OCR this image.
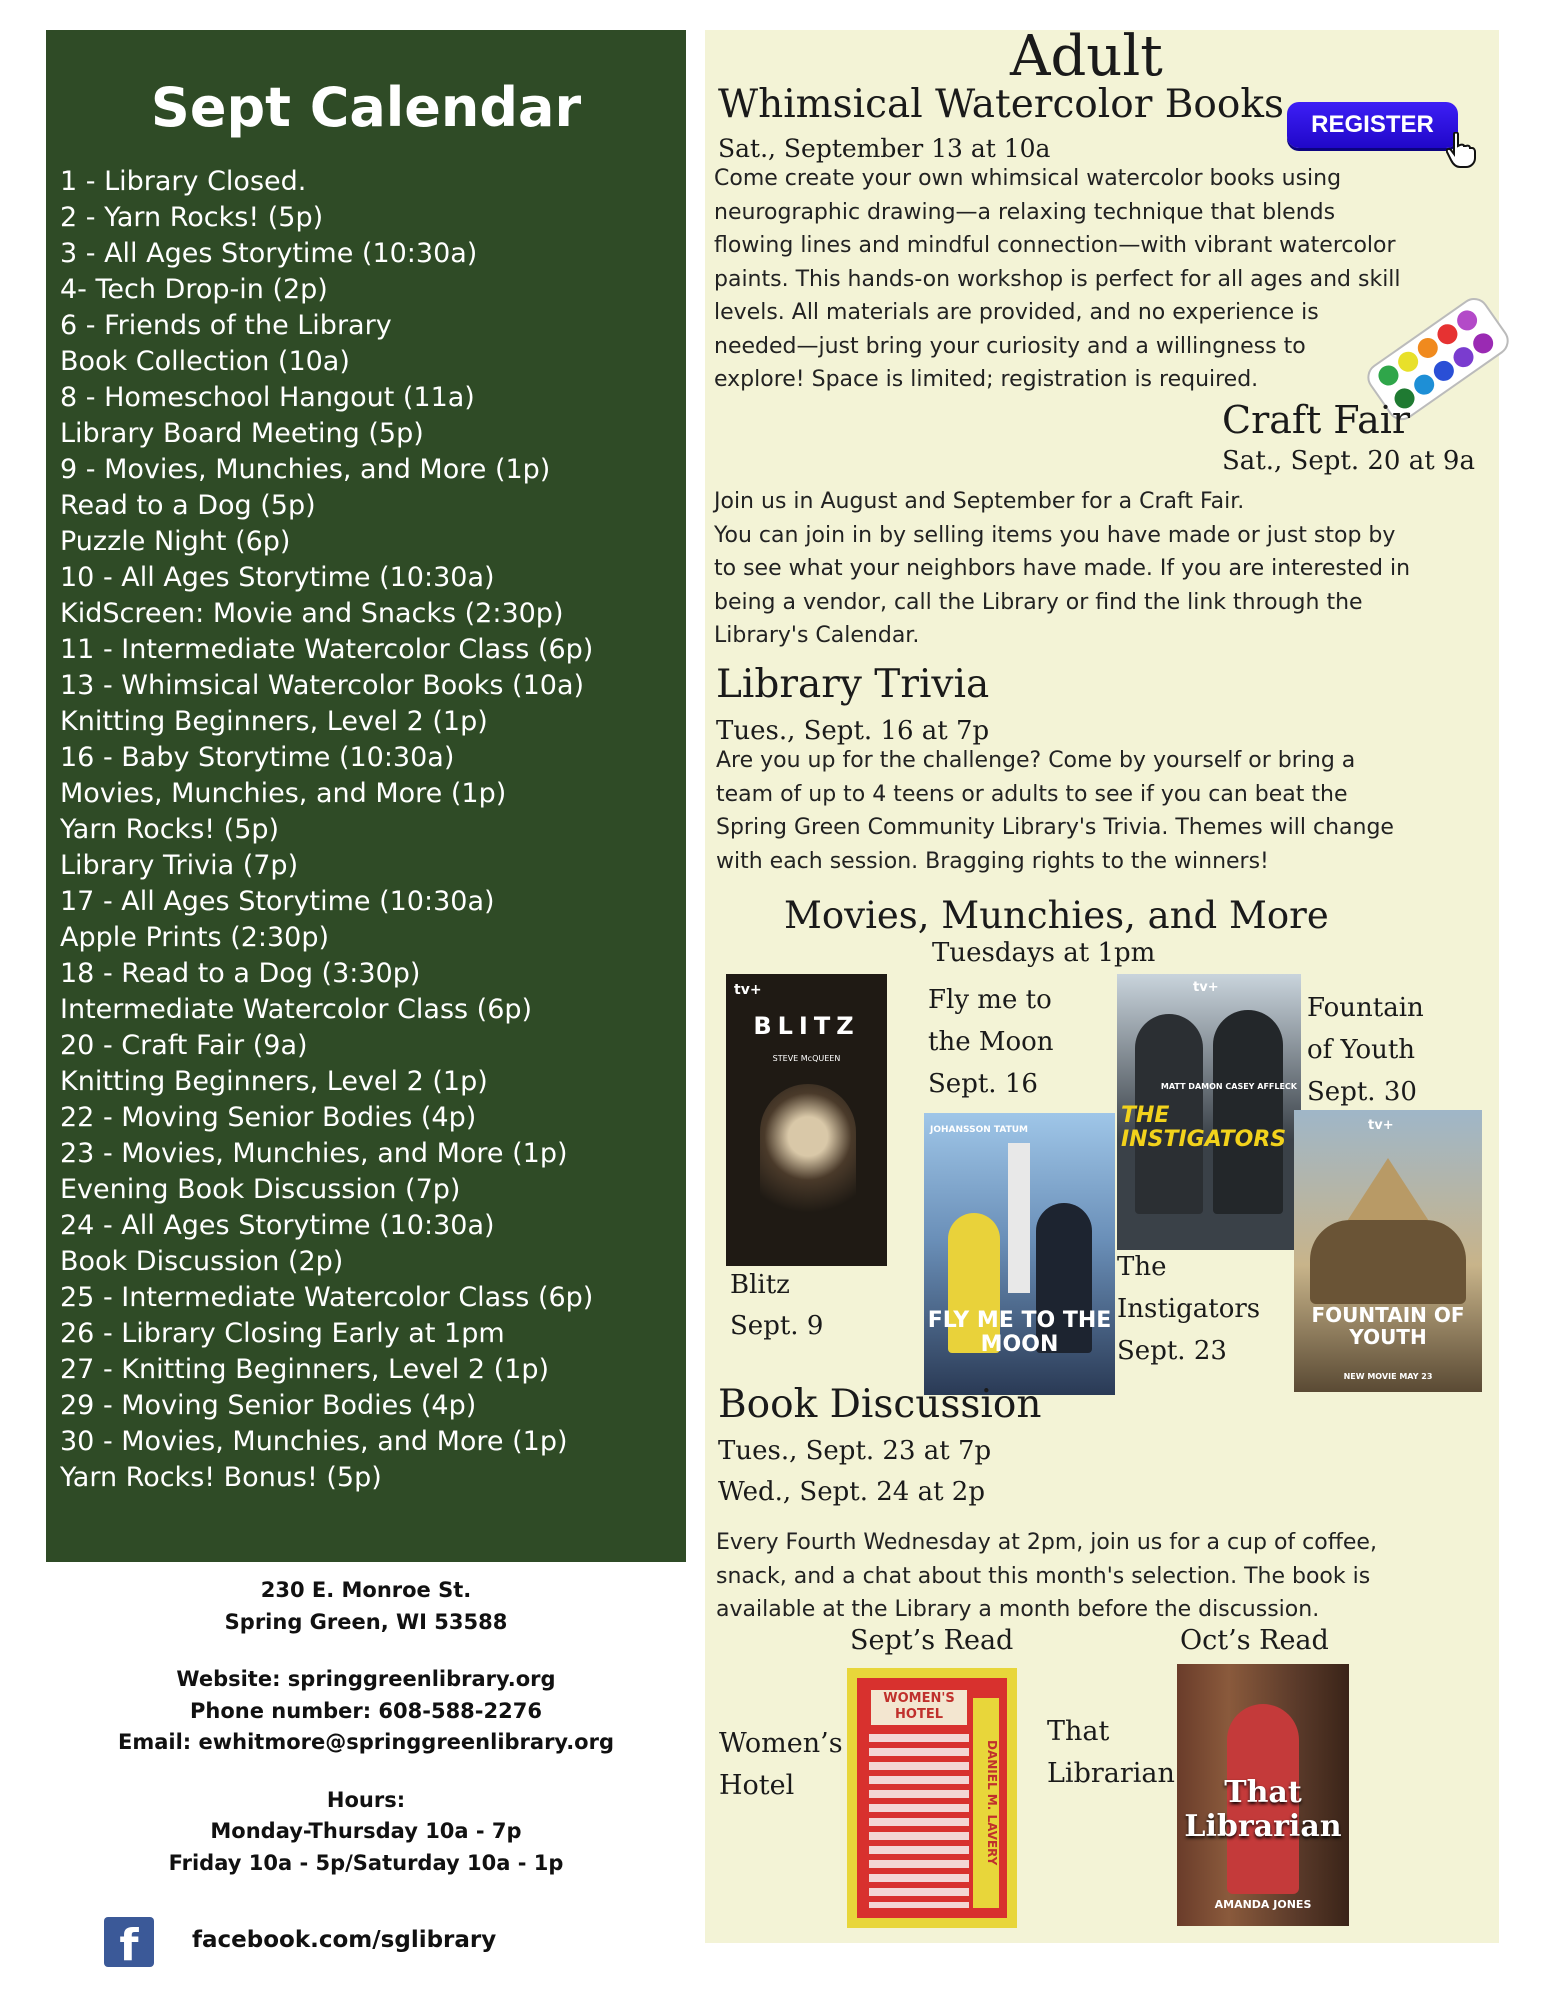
Sept Calendar
1 - Library Closed.
2 - Yarn Rocks! (5p)
3 - All Ages Storytime (10:30a)
4- Tech Drop-in (2p)
6 - Friends of the Library
Book Collection (10a)
8 - Homeschool Hangout (11a)
Library Board Meeting (5p)
9 - Movies, Munchies, and More (1p)
Read to a Dog (5p)
Puzzle Night (6p)
10 - All Ages Storytime (10:30a)
KidScreen: Movie and Snacks (2:30p)
11 - Intermediate Watercolor Class (6p)
13 - Whimsical Watercolor Books (10a)
Knitting Beginners, Level 2 (1p)
16 - Baby Storytime (10:30a)
Movies, Munchies, and More (1p)
Yarn Rocks! (5p)
Library Trivia (7p)
17 - All Ages Storytime (10:30a)
Apple Prints (2:30p)
18 - Read to a Dog (3:30p)
Intermediate Watercolor Class (6p)
20 - Craft Fair (9a)
Knitting Beginners, Level 2 (1p)
22 - Moving Senior Bodies (4p)
23 - Movies, Munchies, and More (1p)
Evening Book Discussion (7p)
24 - All Ages Storytime (10:30a)
Book Discussion (2p)
25 - Intermediate Watercolor Class (6p)
26 - Library Closing Early at 1pm
27 - Knitting Beginners, Level 2 (1p)
29 - Moving Senior Bodies (4p)
30 - Movies, Munchies, and More (1p)
Yarn Rocks! Bonus! (5p)
230 E. Monroe St.
Spring Green, WI 53588
Website: springgreenlibrary.org
Phone number: 608-588-2276
Email: ewhitmore@springgreenlibrary.org
Hours:
Monday-Thursday 10a - 7p
Friday 10a - 5p/Saturday 10a - 1p
f	facebook.com/sglibrary
Adult
Whimsical Watercolor Books	REGISTER
Sat., September 13 at 10a
Come create your own whimsical watercolor books using
neurographic drawing—a relaxing technique that blends
flowing lines and mindful connection—with vibrant watercolor
paints. This hands-on workshop is perfect for all ages and skill
levels. All materials are provided, and no experience is
needed—just bring your curiosity and a willingness to
explore! Space is limited; registration is required.
Craft Fair
Sat., Sept. 20 at 9a
Join us in August and September for a Craft Fair.
You can join in by selling items you have made or just stop by
to see what your neighbors have made. If you are interested in
being a vendor, call the Library or find the link through the
Library's Calendar.
Library Trivia
Tues., Sept. 16 at 7p
Are you up for the challenge? Come by yourself or bring a
team of up to 4 teens or adults to see if you can beat the
Spring Green Community Library's Trivia. Themes will change
with each session. Bragging rights to the winners!
Movies, Munchies, and More
Tuesdays at 1pm
tv+
BLITZ
STEVE McQUEEN
Blitz
Sept. 9
JOHANSSON TATUM
FLY ME TO THE MOON
Fly me to
the Moon
Sept. 16
tv+
MATT DAMON CASEY AFFLECK
THE INSTIGATORS
Fountain
of Youth
Sept. 30
tv+
FOUNTAIN OF YOUTH
NEW MOVIE MAY 23
The
Instigators
Sept. 23
Book Discussion
Tues., Sept. 23 at 7p
Wed., Sept. 24 at 2p
Every Fourth Wednesday at 2pm, join us for a cup of coffee,
snack, and a chat about this month's selection. The book is
available at the Library a month before the discussion.
Sept’s Read	Oct’s Read
Women’s
Hotel
WOMEN'S HOTEL
DANIEL M. LAVERY
That
Librarian
That Librarian
AMANDA JONES
